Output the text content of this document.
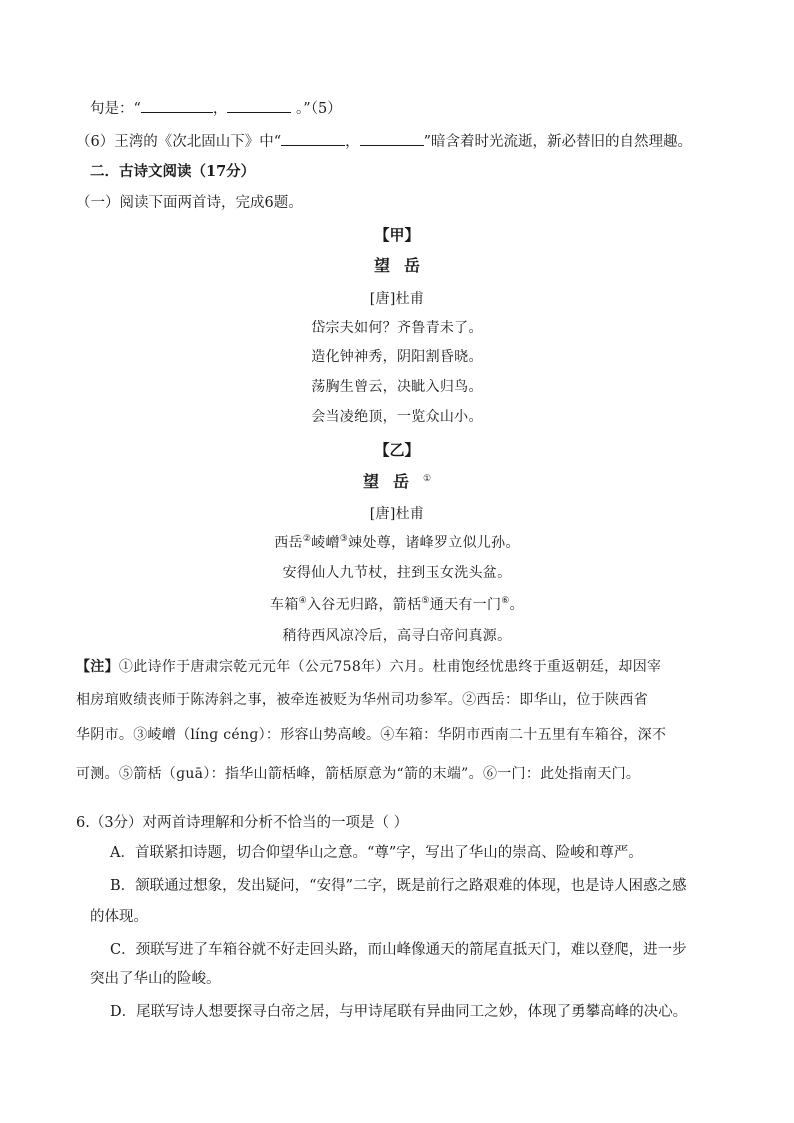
句是：“	，	。”（5）
（6）王湾的《次北固山下》中“	，	”暗含着时光流逝，新必替旧的自然理趣。
二．古诗文阅读（17分）
（一）阅读下面两首诗，完成6题。
【甲】
望岳
[唐]杜甫
岱宗夫如何？齐鲁青未了。
造化钟神秀，阴阳割昏晓。
荡胸生曾云，决眦入归鸟。
会当凌绝顶，一览众山小。
【乙】
望岳①
[唐]杜甫
西岳②崚嶒③竦处尊，诸峰罗立似儿孙。
安得仙人九节杖，拄到玉女洗头盆。
车箱④入谷无归路，箭栝⑤通天有一门⑥。
稍待西风凉冷后，高寻白帝问真源。
【注】①此诗作于唐肃宗乾元元年（公元758年）六月。杜甫饱经忧患终于重返朝廷，却因宰
相房琯败绩丧师于陈涛斜之事，被牵连被贬为华州司功参军。②西岳：即华山，位于陕西省
华阴市。③崚嶒（línɡ cénɡ）：形容山势高峻。④车箱：华阴市西南二十五里有车箱谷，深不
可测。⑤箭栝（ɡuā）：指华山箭栝峰，箭栝原意为“箭的末端”。⑥一门：此处指南天门。
6.（3分）对两首诗理解和分析不恰当的一项是（ ）
A．首联紧扣诗题，切合仰望华山之意。“尊”字，写出了华山的崇高、险峻和尊严。
B．颔联通过想象，发出疑问，“安得”二字，既是前行之路艰难的体现，也是诗人困惑之感
的体现。
C．颈联写进了车箱谷就不好走回头路，而山峰像通天的箭尾直抵天门，难以登爬，进一步
突出了华山的险峻。
D．尾联写诗人想要探寻白帝之居，与甲诗尾联有异曲同工之妙，体现了勇攀高峰的决心。
